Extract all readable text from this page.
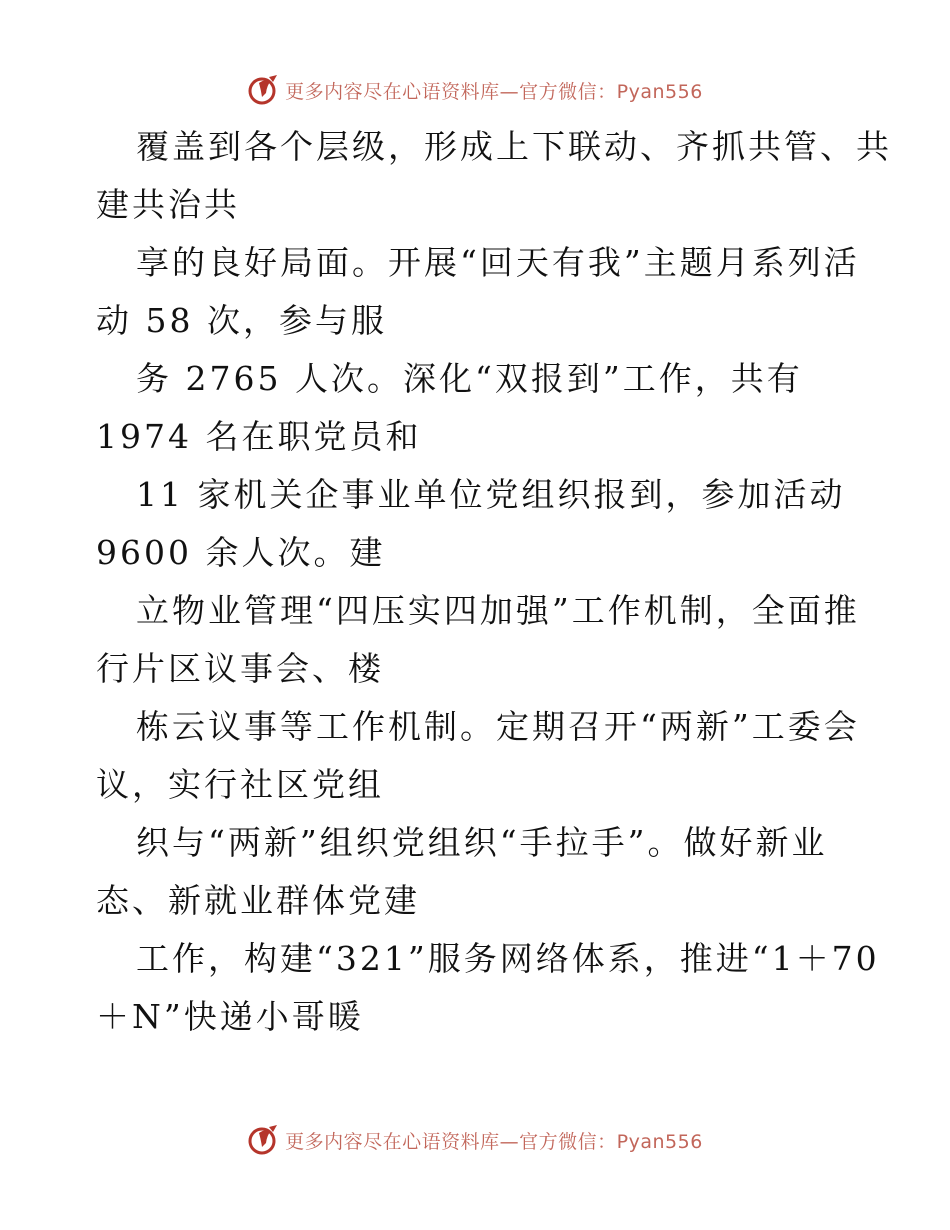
更多内容尽在心语资料库—官方微信：Pyan556
覆盖到各个层级，形成上下联动、齐抓共管、共
建共治共
享的良好局面。开展“回天有我”主题月系列活
动 58 次，参与服
务 2765 人次。深化“双报到”工作，共有
1974 名在职党员和
11 家机关企事业单位党组织报到，参加活动
9600 余人次。建
立物业管理“四压实四加强”工作机制，全面推
行片区议事会、楼
栋云议事等工作机制。定期召开“两新”工委会
议，实行社区党组
织与“两新”组织党组织“手拉手”。做好新业
态、新就业群体党建
工作，构建“321”服务网络体系，推进“1＋70
＋N”快递小哥暖
更多内容尽在心语资料库—官方微信：Pyan556
